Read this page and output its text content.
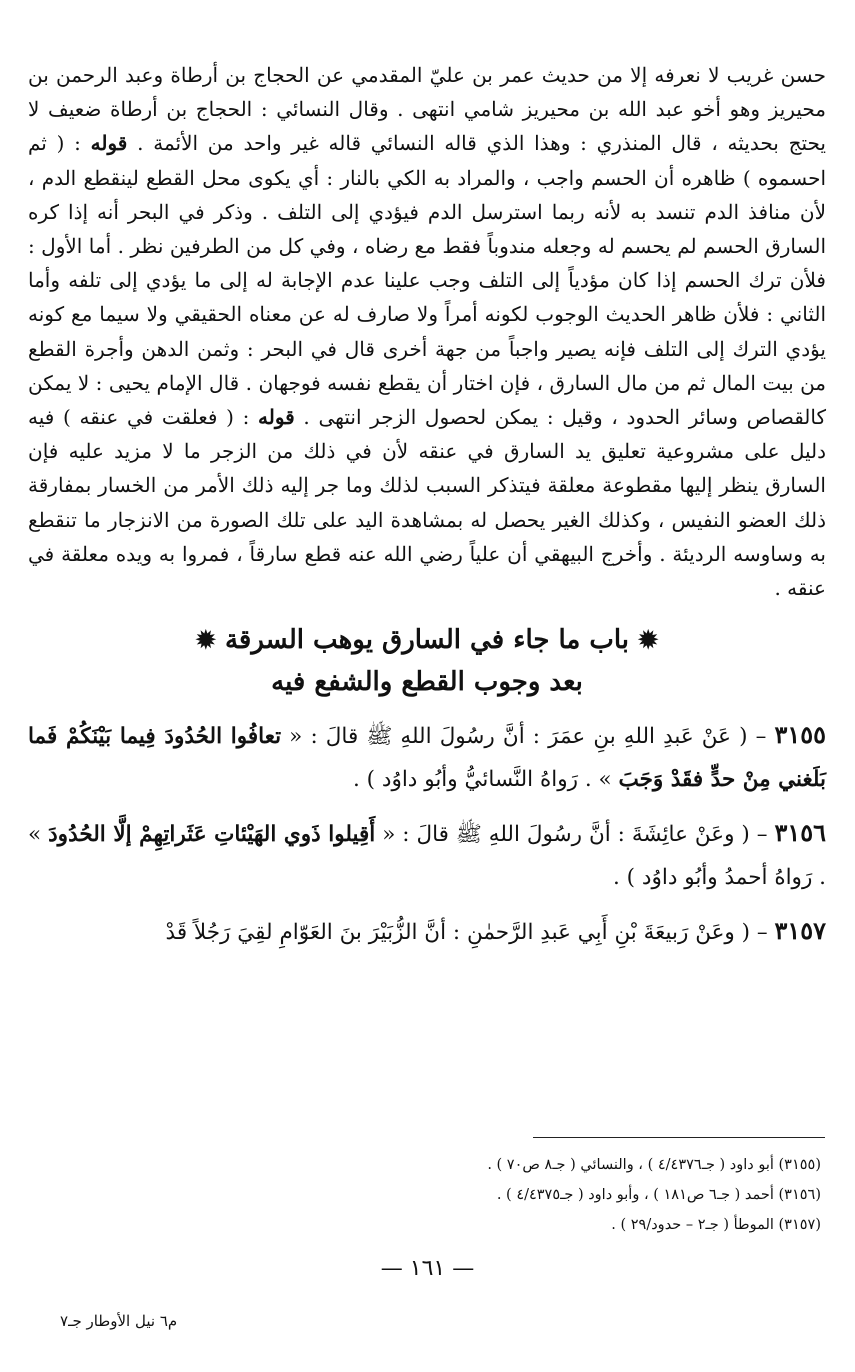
حسن غريب لا نعرفه إلا من حديث عمر بن عليّ المقدمي عن الحجاج بن أرطاة وعبد الرحمن بن محيريز وهو أخو عبد الله بن محيريز شامي انتهى . وقال النسائي : الحجاج بن أرطاة ضعيف لا يحتج بحديثه ، قال المنذري : وهذا الذي قاله النسائي قاله غير واحد من الأئمة . قوله : ( ثم احسموه ) ظاهره أن الحسم واجب ، والمراد به الكي بالنار : أي يكوى محل القطع لينقطع الدم ، لأن منافذ الدم تنسد به لأنه ربما استرسل الدم فيؤدي إلى التلف . وذكر في البحر أنه إذا كره السارق الحسم لم يحسم له وجعله مندوباً فقط مع رضاه ، وفي كل من الطرفين نظر . أما الأول : فلأن ترك الحسم إذا كان مؤدياً إلى التلف وجب علينا عدم الإجابة له إلى ما يؤدي إلى تلفه وأما الثاني : فلأن ظاهر الحديث الوجوب لكونه أمراً ولا صارف له عن معناه الحقيقي ولا سيما مع كونه يؤدي الترك إلى التلف فإنه يصير واجباً من جهة أخرى قال في البحر : وثمن الدهن وأجرة القطع من بيت المال ثم من مال السارق ، فإن اختار أن يقطع نفسه فوجهان . قال الإمام يحيى : لا يمكن كالقصاص وسائر الحدود ، وقيل : يمكن لحصول الزجر انتهى . قوله : ( فعلقت في عنقه ) فيه دليل على مشروعية تعليق يد السارق في عنقه لأن في ذلك من الزجر ما لا مزيد عليه فإن السارق ينظر إليها مقطوعة معلقة فيتذكر السبب لذلك وما جر إليه ذلك الأمر من الخسار بمفارقة ذلك العضو النفيس ، وكذلك الغير يحصل له بمشاهدة اليد على تلك الصورة من الانزجار ما تنقطع به وساوسه الرديئة . وأخرج البيهقي أن علياً رضي الله عنه قطع سارقاً ، فمروا به ويده معلقة في عنقه .
✹ باب ما جاء في السارق يوهب السرقة ✹
بعد وجوب القطع والشفع فيه
٣١٥٥ – ( عَنْ عَبدِ اللهِ بنِ عمَرَ : أنَّ رسُولَ اللهِ ﷺ قالَ : « تعافُوا الحُدُودَ فِيما بَيْنَكُمْ فَما بَلَغني مِنْ حدٍّ فقَدْ وَجَبَ » . رَواهُ النَّسائيُّ وأبُو داوُد ) .
٣١٥٦ – ( وعَنْ عائِشَةَ : أنَّ رسُولَ اللهِ ﷺ قالَ : « أَقِيلوا ذَوي الهَيْئاتِ عَثَراتِهِمْ إلَّا الحُدُودَ » . رَواهُ أحمدُ وأبُو داوُد ) .
٣١٥٧ – ( وعَنْ رَبيعَةَ بْنِ أَبِي عَبدِ الرَّحمٰنِ : أنَّ الزُّبَيْرَ بنَ العَوّامِ لقِيَ رَجُلاً قَدْ
(٣١٥٥) أبو داود ( جـ٤/٤٣٧٦ ) ، والنسائي ( جـ٨ ص٧٠ ) .
(٣١٥٦) أحمد ( جـ٦ ص١٨١ ) ، وأبو داود ( جـ٤/٤٣٧٥ ) .
(٣١٥٧) الموطأ ( جـ٢ – حدود/٢٩ ) .
— ١٦١ —
م٦ نيل الأوطار جـ٧
